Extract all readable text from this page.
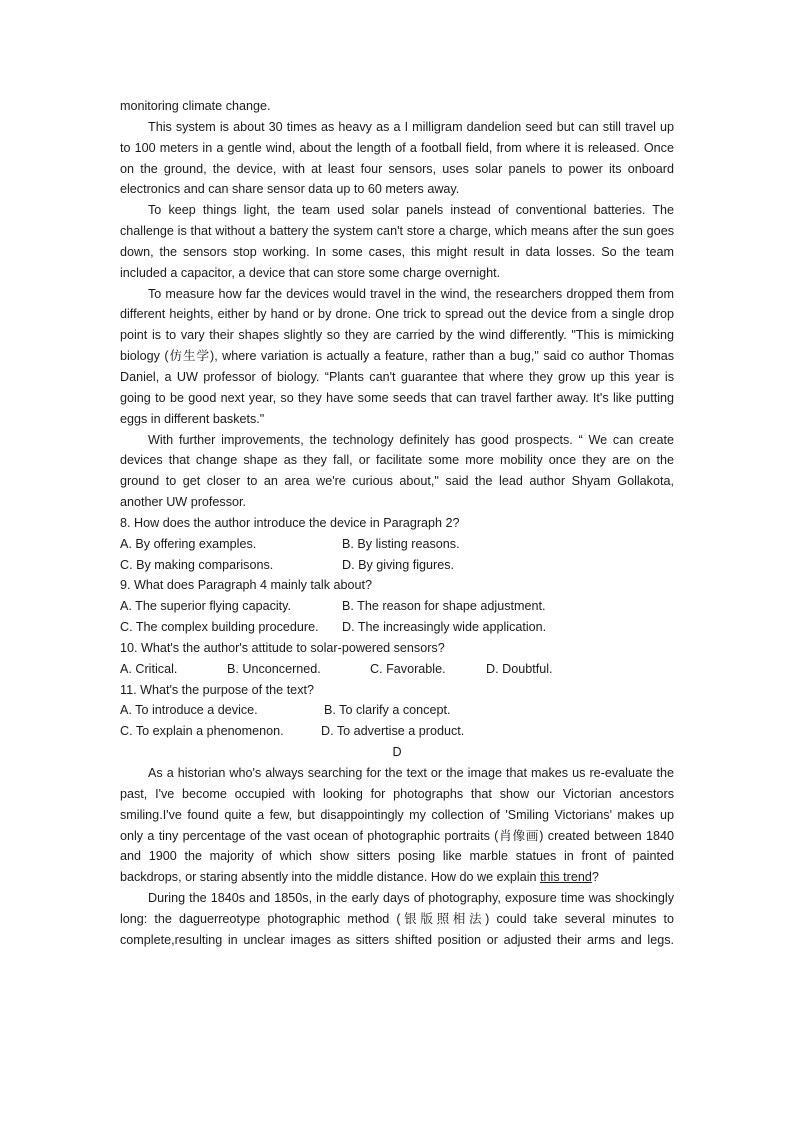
monitoring climate change.

This system is about 30 times as heavy as a I milligram dandelion seed but can still travel up to 100 meters in a gentle wind, about the length of a football field, from where it is released. Once on the ground, the device, with at least four sensors, uses solar panels to power its onboard electronics and can share sensor data up to 60 meters away.

To keep things light, the team used solar panels instead of conventional batteries. The challenge is that without a battery the system can't store a charge, which means after the sun goes down, the sensors stop working. In some cases, this might result in data losses. So the team included a capacitor, a device that can store some charge overnight.

To measure how far the devices would travel in the wind, the researchers dropped them from different heights, either by hand or by drone. One trick to spread out the device from a single drop point is to vary their shapes slightly so they are carried by the wind differently. "This is mimicking biology (仿生学), where variation is actually a feature, rather than a bug," said co author Thomas Daniel, a UW professor of biology. “Plants can't guarantee that where they grow up this year is going to be good next year, so they have some seeds that can travel farther away. It's like putting eggs in different baskets."

With further improvements, the technology definitely has good prospects. “ We can create

devices that change shape as they fall, or facilitate some more mobility once they are on the ground to get closer to an area we're curious about," said the lead author Shyam Gollakota, another UW professor.

8. How does the author introduce the device in Paragraph 2?

A. By offering examples.	B. By listing reasons.

C. By making comparisons.	D. By giving figures.

9. What does Paragraph 4 mainly talk about?

A. The superior flying capacity.	B. The reason for shape adjustment.

C. The complex building procedure.	D. The increasingly wide application.

10. What's the author's attitude to solar-powered sensors?

A. Critical.	B. Unconcerned.	C. Favorable.	D. Doubtful.

11. What's the purpose of the text?

A. To introduce a device.	B. To clarify a concept.

C. To explain a phenomenon.	D. To advertise a product.

D

As a historian who's always searching for the text or the image that makes us re-evaluate the

past, I've become occupied with looking for photographs that show our Victorian ancestors smiling.I've found quite a few, but disappointingly my collection of 'Smiling Victorians' makes up only a tiny percentage of the vast ocean of photographic portraits (肖像画) created between 1840 and 1900 the majority of which show sitters posing like marble statues in front of painted backdrops, or staring absently into the middle distance. How do we explain this trend?

During the 1840s and 1850s, in the early days of photography, exposure time was shockingly

long: the daguerreotype photographic method (银版照相法) could take several minutes to complete,resulting in unclear images as sitters shifted position or adjusted their arms and legs.
